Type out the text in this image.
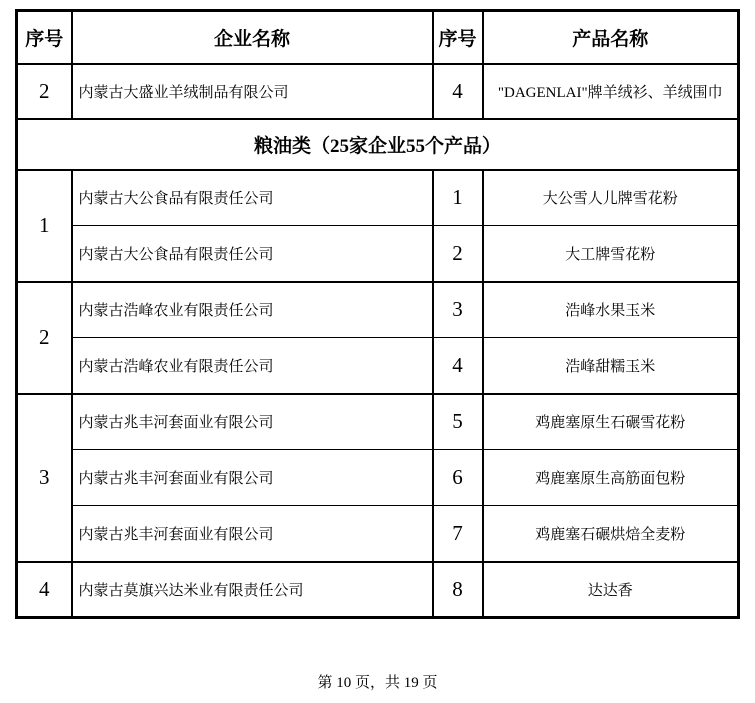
序号	企业名称	序号	产品名称
2	内蒙古大盛业羊绒制品有限公司	4	"DAGENLAI"牌羊绒衫、羊绒围巾
粮油类（25家企业55个产品）			
1	内蒙古大公食品有限责任公司	1	大公雪人儿牌雪花粉
	内蒙古大公食品有限责任公司	2	大工牌雪花粉
2	内蒙古浩峰农业有限责任公司	3	浩峰水果玉米
	内蒙古浩峰农业有限责任公司	4	浩峰甜糯玉米
3	内蒙古兆丰河套面业有限公司	5	鸡鹿塞原生石碾雪花粉
	内蒙古兆丰河套面业有限公司	6	鸡鹿塞原生高筋面包粉
	内蒙古兆丰河套面业有限公司	7	鸡鹿塞石碾烘焙全麦粉
4	内蒙古莫旗兴达米业有限责任公司	8	达达香
第 10 页，共 19 页
